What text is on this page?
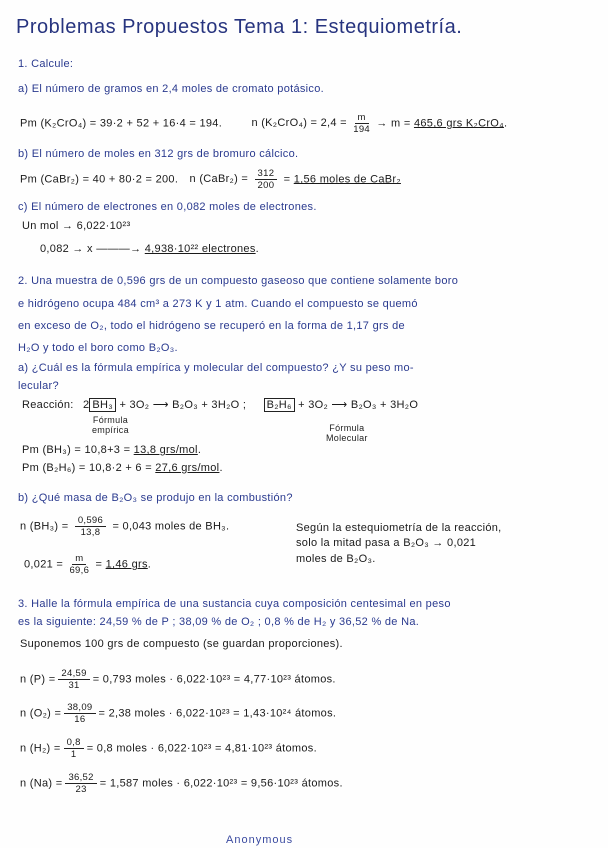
Problemas Propuestos Tema 1: Estequiometría.
1. Calcule:
a) El número de gramos en 2,4 moles de cromato potásico.
Pm (K₂CrO₄) = 39·2 + 52 + 16·4 = 194.	n $(K_2CrO_4) = 2,4 = \frac{m}{194} \to m = 465,6$ grs K₂CrO₄.
b) El número de moles en 312 grs de bromuro cálcico.
Pm (CaBr₂) = 40 + 80·2 = 200. n (CaBr₂) = $\frac{312}{200} = 1,56$ moles de CaBr₂
c) El número de electrones en 0,082 moles de electrones.
Un mol → 6,022·10²³
0,082 → x ———→ 4,938·10²² electrones.
2. Una muestra de 0,596 grs de un compuesto gaseoso que contiene solamente boro
e hidrógeno ocupa 484 cm³ a 273 K y 1 atm. Cuando el compuesto se quemó
en exceso de O₂, todo el hidrógeno se recuperó en la forma de 1,17 grs de
H₂O y todo el boro como B₂O₃.
a) ¿Cuál es la fórmula empírica y molecular del compuesto? ¿Y su peso mo-
lecular?
Reacción: 2 BH₃ + 3O₂ ⟶ B₂O₃ + 3H₂O ; B₂H₆ + 3O₂ ⟶ B₂O₃ + 3H₂O
Fórmula
empírica	Fórmula
Molecular
Pm (BH₃) = 10,8+3 = 13,8 grs/mol.
Pm (B₂H₆) = 10,8·2 + 6 = 27,6 grs/mol.
b) ¿Qué masa de B₂O₃ se produjo en la combustión?
n $(BH_3) = \frac{0,596}{13,8} = 0,043$ moles de BH₃.	Según la estequiometría de la reacción,
solo la mitad pasa a B₂O₃ → 0,021
moles de B₂O₃.
$0,021 = \frac{m}{69,6} = 1,46$ grs.
3. Halle la fórmula empírica de una sustancia cuya composición centesimal en peso
es la siguiente: 24,59 % de P ; 38,09 % de O₂ ; 0,8 % de H₂ y 36,52 % de Na.
Suponemos 100 grs de compuesto (se guardan proporciones).
n $(P) = \frac{24,59}{31} = 0,793$ moles · 6,022·10²³ = 4,77·10²³ átomos.
n $(O_2) = \frac{38,09}{16} = 2,38$ moles · 6,022·10²³ = 1,43·10²⁴ átomos.
n $(H_2) = \frac{0,8}{1} = 0,8$ moles · 6,022·10²³ = 4,81·10²³ átomos.
n $(Na) = \frac{36,52}{23} = 1,587$ moles · 6,022·10²³ = 9,56·10²³ átomos.
Anonymous
